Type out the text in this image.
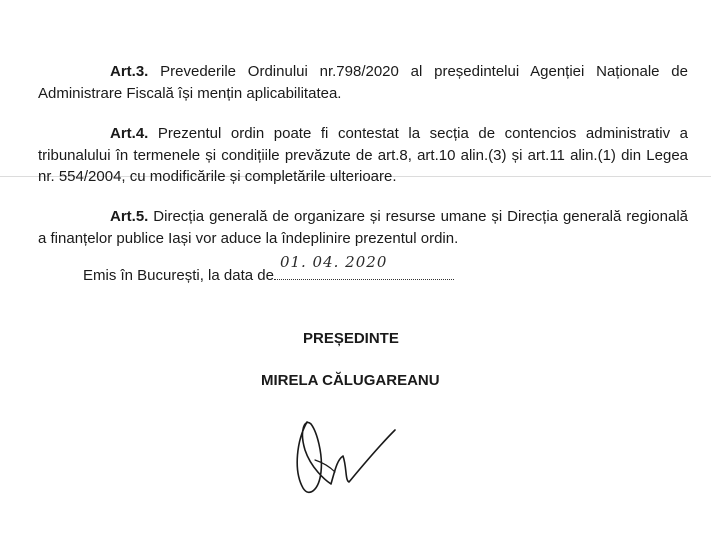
Art.3. Prevederile Ordinului nr.798/2020 al președintelui Agenției Naționale de Administrare Fiscală își mențin aplicabilitatea.

Art.4. Prezentul ordin poate fi contestat la secția de contencios administrativ a tribunalului în termenele și condițiile prevăzute de art.8, art.10 alin.(3) și art.11 alin.(1) din Legea nr. 554/2004, cu modificările și completările ulterioare.

Art.5. Direcția generală de organizare și resurse umane și Direcția generală regională a finanțelor publice Iași vor aduce la îndeplinire prezentul ordin.

Emis în București, la data de
01. 04. 2020
PREȘEDINTE
MIRELA CĂLUGAREANU
